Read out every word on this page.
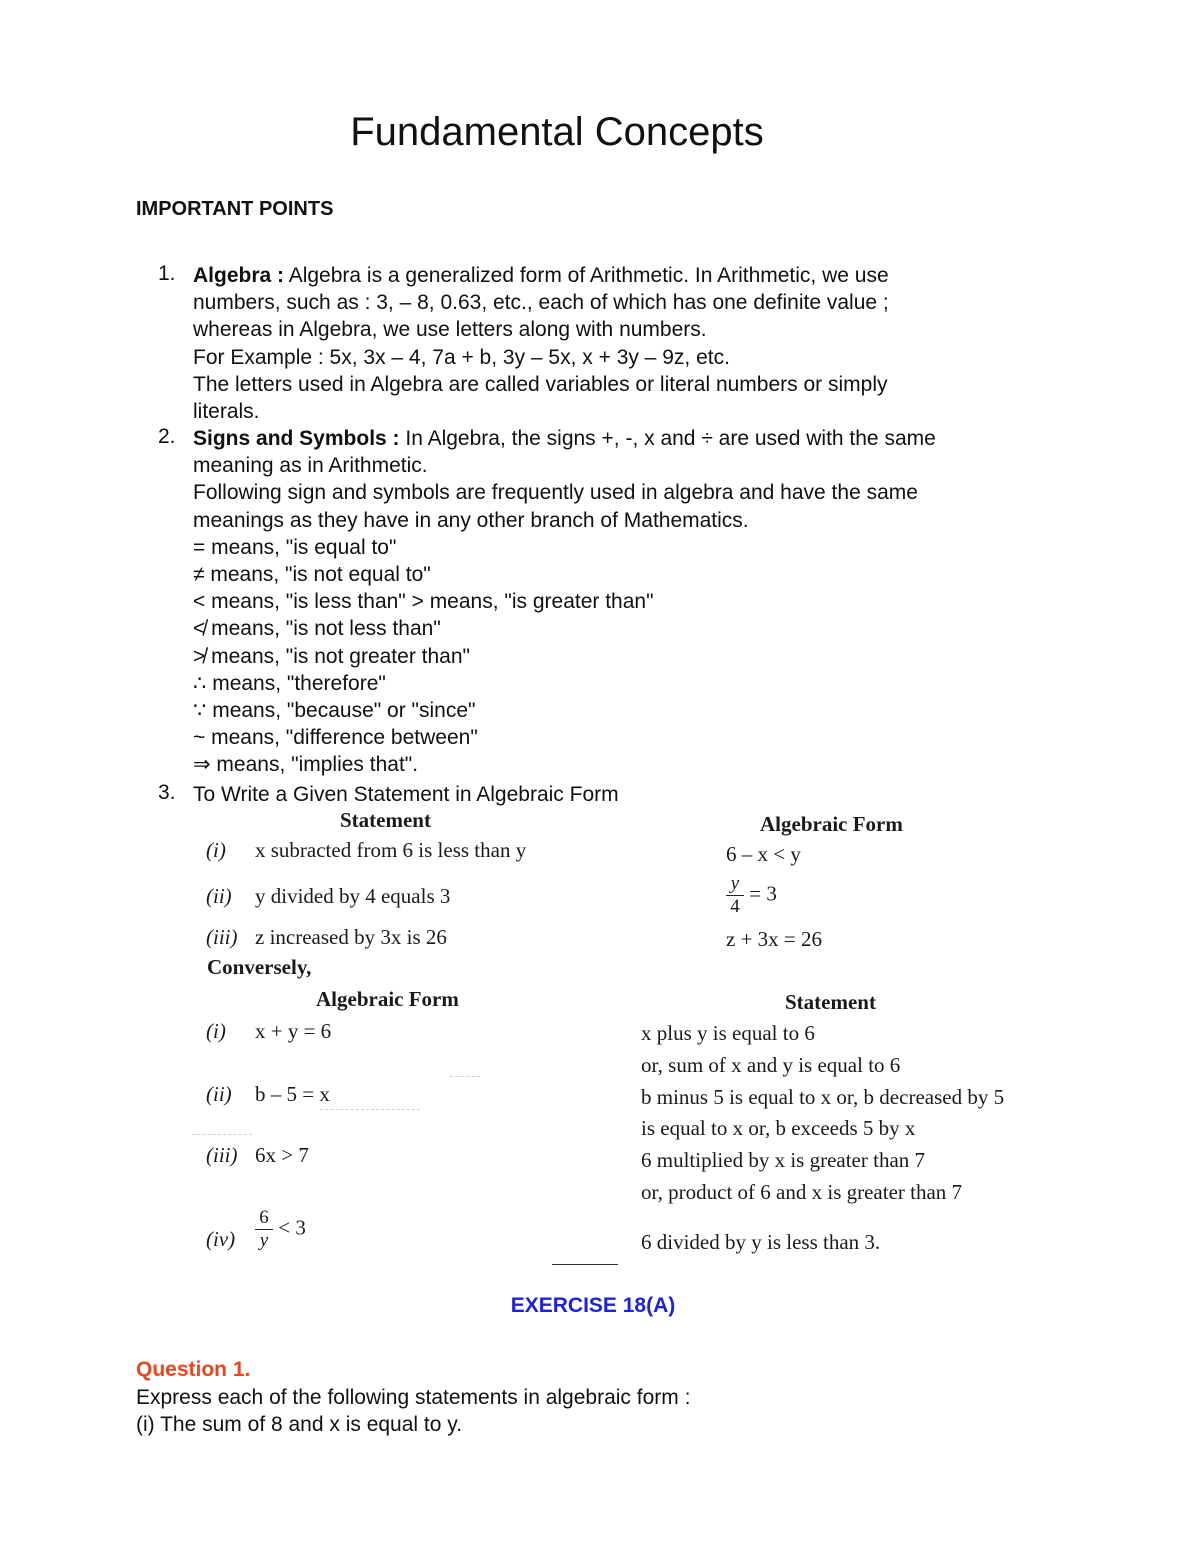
Fundamental Concepts
IMPORTANT POINTS
1. Algebra : Algebra is a generalized form of Arithmetic. In Arithmetic, we use
numbers, such as : 3, – 8, 0.63, etc., each of which has one definite value ;
whereas in Algebra, we use letters along with numbers.
For Example : 5x, 3x – 4, 7a + b, 3y – 5x, x + 3y – 9z, etc.
The letters used in Algebra are called variables or literal numbers or simply
literals.
2. Signs and Symbols : In Algebra, the signs +, -, x and ÷ are used with the same
meaning as in Arithmetic.
Following sign and symbols are frequently used in algebra and have the same
meanings as they have in any other branch of Mathematics.
= means, "is equal to"
≠ means, "is not equal to"
< means, "is less than" > means, "is greater than"
≮ means, "is not less than"
≯ means, "is not greater than"
∴ means, "therefore"
∵ means, "because" or "since"
~ means, "difference between"
⇒ means, "implies that".
3. To Write a Given Statement in Algebraic Form
Statement	Algebraic Form
(i) x subracted from 6 is less than y	6 – x < y
(ii) y divided by 4 equals 3	$\frac{y}{4} = 3$
(iii) z increased by 3x is 26	z + 3x = 26
Conversely,
Algebraic Form	Statement
(i) x + y = 6	x plus y is equal to 6
or, sum of x and y is equal to 6
(ii) b – 5 = x	b minus 5 is equal to x or, b decreased by 5
is equal to x or, b exceeds 5 by x
(iii) 6x > 7	6 multiplied by x is greater than 7
or, product of 6 and x is greater than 7
$(iv) \frac{6}{y} < 3$
6 divided by y is less than 3.
EXERCISE 18(A)
Question 1.
Express each of the following statements in algebraic form :
(i) The sum of 8 and x is equal to y.
